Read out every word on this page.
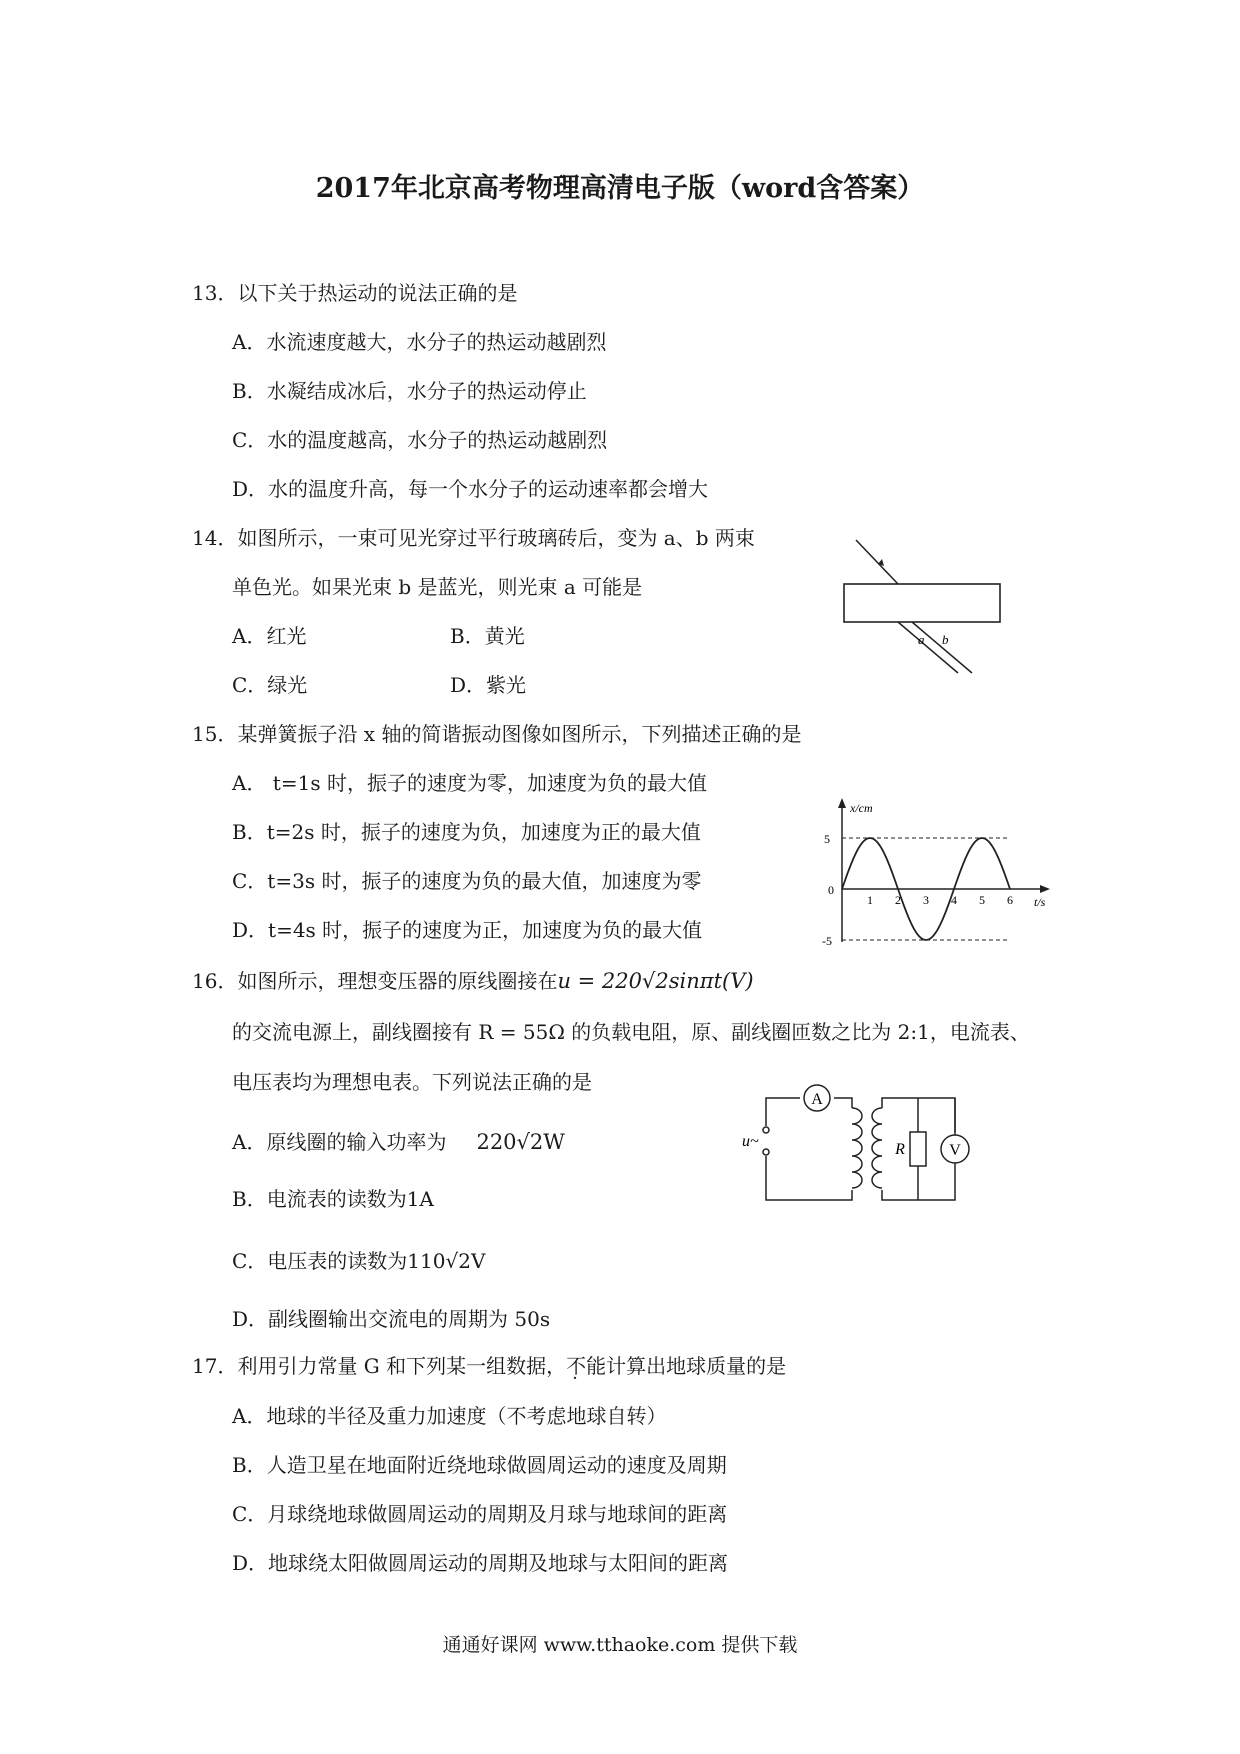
2017年北京高考物理高清电子版（word含答案）
13．以下关于热运动的说法正确的是
A．水流速度越大，水分子的热运动越剧烈
B．水凝结成冰后，水分子的热运动停止
C．水的温度越高，水分子的热运动越剧烈
D．水的温度升高，每一个水分子的运动速率都会增大
14．如图所示，一束可见光穿过平行玻璃砖后，变为 a、b 两束
单色光。如果光束 b 是蓝光，则光束 a 可能是
A．红光	B．黄光
C．绿光	D．紫光
a b
15．某弹簧振子沿 x 轴的简谐振动图像如图所示，下列描述正确的是
A． t=1s 时，振子的速度为零，加速度为负的最大值
B．t=2s 时，振子的速度为负，加速度为正的最大值
C．t=3s 时，振子的速度为负的最大值，加速度为零
D．t=4s 时，振子的速度为正，加速度为负的最大值
x/cm
t/s
5
0
-5
1 2 3 4 5 6
16．如图所示，理想变压器的原线圈接在u = 220√2sinπt(V)
的交流电源上，副线圈接有 R = 55Ω 的负载电阻，原、副线圈匝数之比为 2:1，电流表、
电压表均为理想电表。下列说法正确的是
A．原线圈的输入功率为 220√2W
B．电流表的读数为1A
C．电压表的读数为110√2V
D．副线圈输出交流电的周期为 50s
A
V
R
u~
17．利用引力常量 G 和下列某一组数据，不能计算出地球质量的是
A．地球的半径及重力加速度（不考虑地球自转）
B．人造卫星在地面附近绕地球做圆周运动的速度及周期
C．月球绕地球做圆周运动的周期及月球与地球间的距离
D．地球绕太阳做圆周运动的周期及地球与太阳间的距离
通通好课网 www.tthaoke.com 提供下载
